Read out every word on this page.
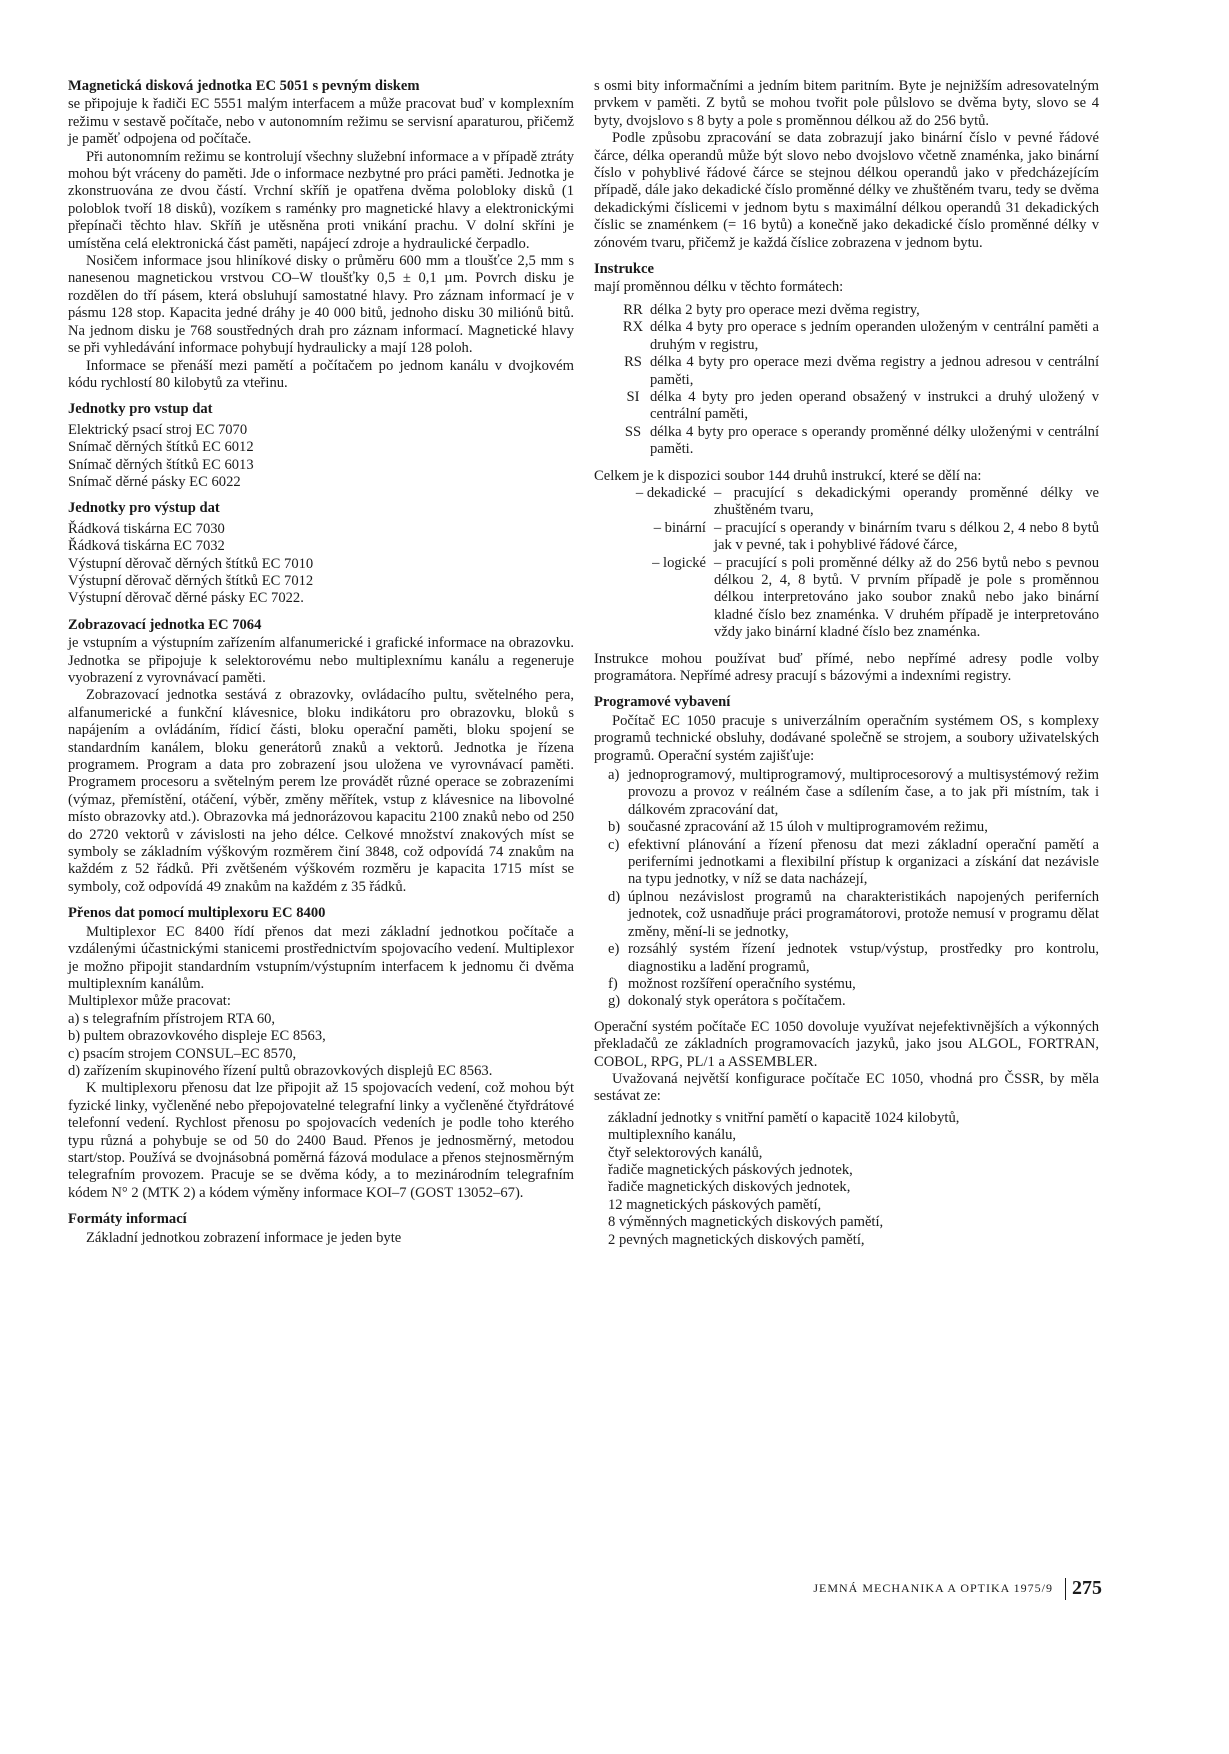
Magnetická disková jednotka EC 5051 s pevným diskem

se připojuje k řadiči EC 5551 malým interfacem a může pracovat buď v komplexním režimu v sestavě počítače, nebo v autonomním režimu se servisní aparaturou, přičemž je paměť odpojena od počítače.

Při autonomním režimu se kontrolují všechny služební informace a v případě ztráty mohou být vráceny do paměti. Jde o informace nezbytné pro práci paměti. Jednotka je zkonstruována ze dvou částí. Vrchní skříň je opatřena dvěma polobloky disků (1 poloblok tvoří 18 disků), vozíkem s raménky pro magnetické hlavy a elektronickými přepínači těchto hlav. Skříň je utěsněna proti vnikání prachu. V dolní skříni je umístěna celá elektronická část paměti, napájecí zdroje a hydraulické čerpadlo.

Nosičem informace jsou hliníkové disky o průměru 600 mm a tloušťce 2,5 mm s nanesenou magnetickou vrstvou CO–W tloušťky 0,5 ± 0,1 µm. Povrch disku je rozdělen do tří pásem, která obsluhují samostatné hlavy. Pro záznam informací je v pásmu 128 stop. Kapacita jedné dráhy je 40 000 bitů, jednoho disku 30 miliónů bitů. Na jednom disku je 768 soustředných drah pro záznam informací. Magnetické hlavy se při vyhledávání informace pohybují hydraulicky a mají 128 poloh.

Informace se přenáší mezi pamětí a počítačem po jednom kanálu v dvojkovém kódu rychlostí 80 kilobytů za vteřinu.

Jednotky pro vstup dat
Elektrický psací stroj EC 7070
Snímač děrných štítků EC 6012
Snímač děrných štítků EC 6013
Snímač děrné pásky EC 6022
Jednotky pro výstup dat
Řádková tiskárna EC 7030
Řádková tiskárna EC 7032
Výstupní děrovač děrných štítků EC 7010
Výstupní děrovač děrných štítků EC 7012
Výstupní děrovač děrné pásky EC 7022.
Zobrazovací jednotka EC 7064

je vstupním a výstupním zařízením alfanumerické i grafické informace na obrazovku. Jednotka se připojuje k selektorovému nebo multiplexnímu kanálu a regeneruje vyobrazení z vyrovnávací paměti.

Zobrazovací jednotka sestává z obrazovky, ovládacího pultu, světelného pera, alfanumerické a funkční klávesnice, bloku indikátoru pro obrazovku, bloků s napájením a ovládáním, řídicí části, bloku operační paměti, bloku spojení se standardním kanálem, bloku generátorů znaků a vektorů. Jednotka je řízena programem. Program a data pro zobrazení jsou uložena ve vyrovnávací paměti. Programem procesoru a světelným perem lze provádět různé operace se zobrazeními (výmaz, přemístění, otáčení, výběr, změny měřítek, vstup z klávesnice na libovolné místo obrazovky atd.). Obrazovka má jednorázovou kapacitu 2100 znaků nebo od 250 do 2720 vektorů v závislosti na jeho délce. Celkové množství znakových míst se symboly se základním výškovým rozměrem činí 3848, což odpovídá 74 znakům na každém z 52 řádků. Při zvětšeném výškovém rozměru je kapacita 1715 míst se symboly, což odpovídá 49 znakům na každém z 35 řádků.

Přenos dat pomocí multiplexoru EC 8400

Multiplexor EC 8400 řídí přenos dat mezi základní jednotkou počítače a vzdálenými účastnickými stanicemi prostřednictvím spojovacího vedení. Multiplexor je možno připojit standardním vstupním/výstupním interfacem k jednomu či dvěma multiplexním kanálům.

Multiplexor může pracovat:

a) s telegrafním přístrojem RTA 60,
b) pultem obrazovkového displeje EC 8563,
c) psacím strojem CONSUL–EC 8570,
d) zařízením skupinového řízení pultů obrazovkových displejů EC 8563.

K multiplexoru přenosu dat lze připojit až 15 spojovacích vedení, což mohou být fyzické linky, vyčleněné nebo přepojovatelné telegrafní linky a vyčleněné čtyřdrátové telefonní vedení. Rychlost přenosu po spojovacích vedeních je podle toho kterého typu různá a pohybuje se od 50 do 2400 Baud. Přenos je jednosměrný, metodou start/stop. Používá se dvojnásobná poměrná fázová modulace a přenos stejnosměrným telegrafním provozem. Pracuje se se dvěma kódy, a to mezinárodním telegrafním kódem N° 2 (MTK 2) a kódem výměny informace KOI–7 (GOST 13052–67).

Formáty informací

Základní jednotkou zobrazení informace je jeden byte

s osmi bity informačními a jedním bitem paritním. Byte je nejnižším adresovatelným prvkem v paměti. Z bytů se mohou tvořit pole půlslovo se dvěma byty, slovo se 4 byty, dvojslovo s 8 byty a pole s proměnnou délkou až do 256 bytů.

Podle způsobu zpracování se data zobrazují jako binární číslo v pevné řádové čárce, délka operandů může být slovo nebo dvojslovo včetně znaménka, jako binární číslo v pohyblivé řádové čárce se stejnou délkou operandů jako v předcházejícím případě, dále jako dekadické číslo proměnné délky ve zhuštěném tvaru, tedy se dvěma dekadickými číslicemi v jednom bytu s maximální délkou operandů 31 dekadických číslic se znaménkem (= 16 bytů) a konečně jako dekadické číslo proměnné délky v zónovém tvaru, přičemž je každá číslice zobrazena v jednom bytu.

Instrukce

mají proměnnou délku v těchto formátech:

RR délka 2 byty pro operace mezi dvěma registry,
RX délka 4 byty pro operace s jedním operanden uloženým v centrální paměti a druhým v registru,
RS délka 4 byty pro operace mezi dvěma registry a jednou adresou v centrální paměti,
SI délka 4 byty pro jeden operand obsažený v instrukci a druhý uložený v centrální paměti,
SS délka 4 byty pro operace s operandy proměnné délky uloženými v centrální paměti.

Celkem je k dispozici soubor 144 druhů instrukcí, které se dělí na:

– dekadické – pracující s dekadickými operandy proměnné délky ve zhuštěném tvaru,
– binární – pracující s operandy v binárním tvaru s délkou 2, 4 nebo 8 bytů jak v pevné, tak i pohyblivé řádové čárce,
– logické – pracující s poli proměnné délky až do 256 bytů nebo s pevnou délkou 2, 4, 8 bytů. V prvním případě je pole s proměnnou délkou interpretováno jako soubor znaků nebo jako binární kladné číslo bez znaménka. V druhém případě je interpretováno vždy jako binární kladné číslo bez znaménka.

Instrukce mohou používat buď přímé, nebo nepřímé adresy podle volby programátora. Nepřímé adresy pracují s bázovými a indexními registry.

Programové vybavení

Počítač EC 1050 pracuje s univerzálním operačním systémem OS, s komplexy programů technické obsluhy, dodávané společně se strojem, a soubory uživatelských programů. Operační systém zajišťuje:

a) jednoprogramový, multiprogramový, multiprocesorový a multisystémový režim provozu a provoz v reálném čase a sdílením čase, a to jak při místním, tak i dálkovém zpracování dat,
b) současné zpracování až 15 úloh v multiprogramovém režimu,
c) efektivní plánování a řízení přenosu dat mezi základní operační pamětí a periferními jednotkami a flexibilní přístup k organizaci a získání dat nezávisle na typu jednotky, v níž se data nacházejí,
d) úplnou nezávislost programů na charakteristikách napojených periferních jednotek, což usnadňuje práci programátorovi, protože nemusí v programu dělat změny, mění-li se jednotky,
e) rozsáhlý systém řízení jednotek vstup/výstup, prostředky pro kontrolu, diagnostiku a ladění programů,
f) možnost rozšíření operačního systému,
g) dokonalý styk operátora s počítačem.

Operační systém počítače EC 1050 dovoluje využívat nejefektivnějších a výkonných překladačů ze základních programovacích jazyků, jako jsou ALGOL, FORTRAN, COBOL, RPG, PL/1 a ASSEMBLER.

Uvažovaná největší konfigurace počítače EC 1050, vhodná pro ČSSR, by měla sestávat ze:

základní jednotky s vnitřní pamětí o kapacitě 1024 kilobytů,
multiplexního kanálu,
čtyř selektorových kanálů,
řadiče magnetických páskových jednotek,
řadiče magnetických diskových jednotek,
12 magnetických páskových pamětí,
8 výměnných magnetických diskových pamětí,
2 pevných magnetických diskových pamětí,
JEMNÁ MECHANIKA A OPTIKA 1975/9 275
